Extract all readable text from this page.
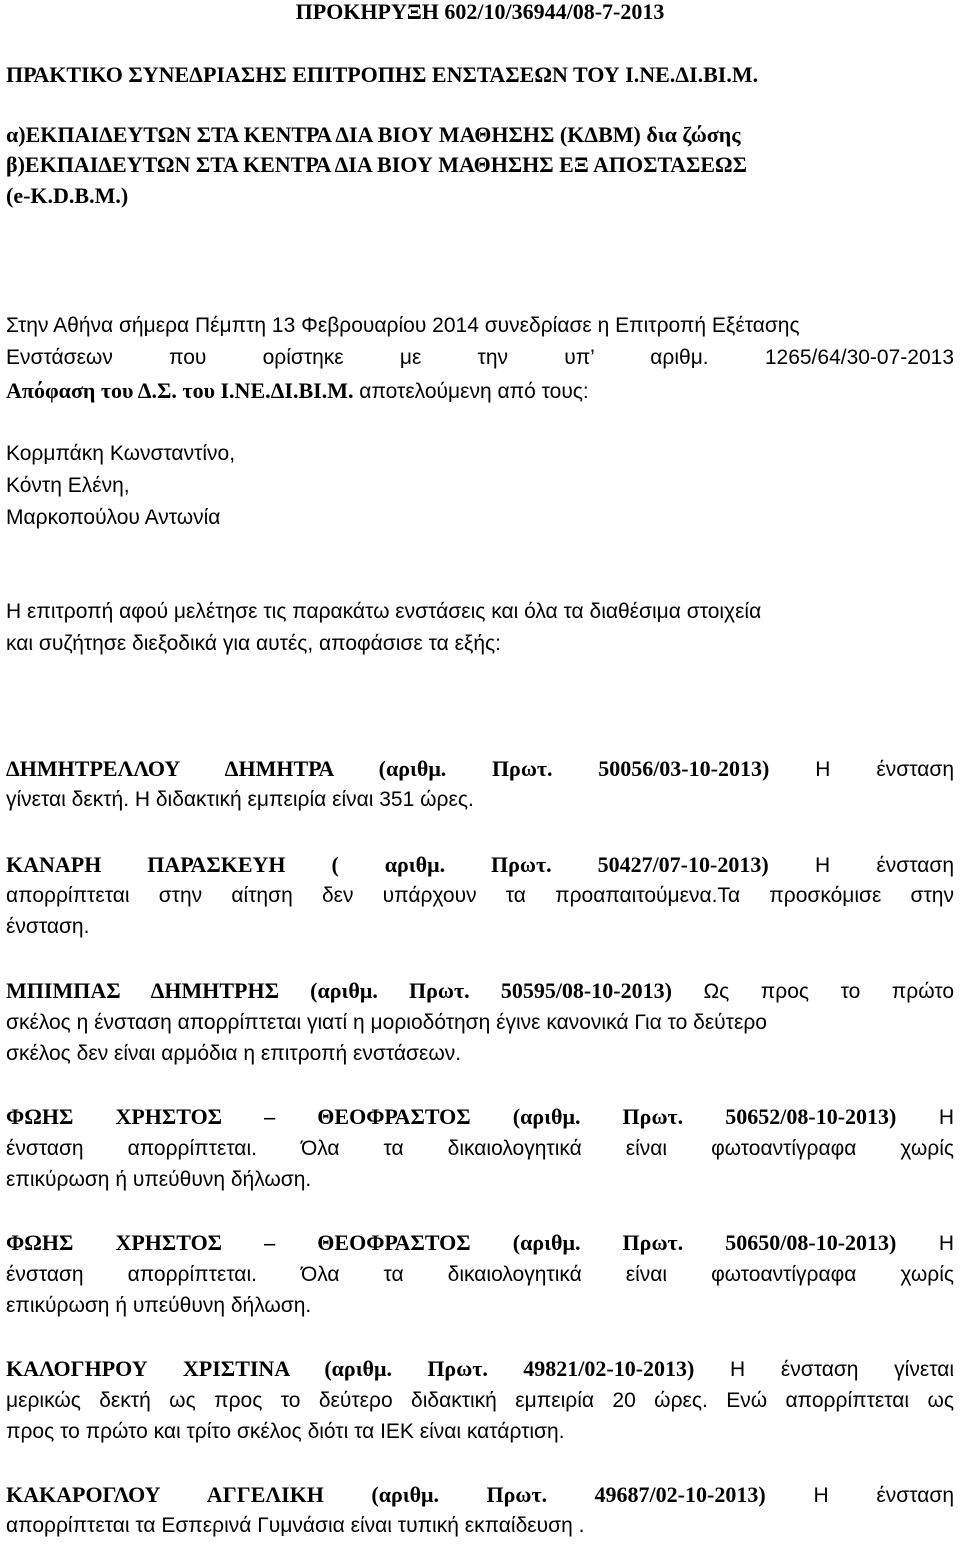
ΠΡΟΚΗΡΥΞΗ 602/10/36944/08-7-2013
ΠΡΑΚΤΙΚΟ ΣΥΝΕΔΡΙΑΣΗΣ ΕΠΙΤΡΟΠΗΣ ΕΝΣΤΑΣΕΩΝ ΤΟΥ Ι.ΝΕ.ΔΙ.ΒΙ.Μ.
α)ΕΚΠΑΙΔΕΥΤΩΝ ΣΤΑ ΚΕΝΤΡΑ ΔΙΑ ΒΙΟΥ ΜΑΘΗΣΗΣ (ΚΔΒΜ) δια ζώσης
β)ΕΚΠΑΙΔΕΥΤΩΝ ΣΤΑ ΚΕΝΤΡΑ ΔΙΑ ΒΙΟΥ ΜΑΘΗΣΗΣ ΕΞ ΑΠΟΣΤΑΣΕΩΣ
(e-K.D.B.M.)
Στην Αθήνα σήμερα Πέμπτη 13 Φεβρουαρίου 2014 συνεδρίασε η Επιτροπή Εξέτασης
Ενστάσεων που ορίστηκε με την υπ’ αριθμ. 1265/64/30-07-2013
Απόφαση του Δ.Σ. του Ι.ΝΕ.ΔΙ.ΒΙ.Μ. αποτελούμενη από τους:
Κορμπάκη Κωνσταντίνο,
Κόντη Ελένη,
Μαρκοπούλου Αντωνία
Η επιτροπή αφού μελέτησε τις παρακάτω ενστάσεις και όλα τα διαθέσιμα στοιχεία
και συζήτησε διεξοδικά για αυτές, αποφάσισε τα εξής:
ΔΗΜΗΤΡΕΛΛΟΥ ΔΗΜΗΤΡΑ (αριθμ. Πρωτ. 50056/03-10-2013) Η ένσταση
γίνεται δεκτή. Η διδακτική εμπειρία είναι 351 ώρες.
ΚΑΝΑΡΗ ΠΑΡΑΣΚΕΥΗ ( αριθμ. Πρωτ. 50427/07-10-2013) Η ένσταση
απορρίπτεται στην αίτηση δεν υπάρχουν τα προαπαιτούμενα.Τα προσκόμισε στην
ένσταση.
ΜΠΙΜΠΑΣ ΔΗΜΗΤΡΗΣ (αριθμ. Πρωτ. 50595/08-10-2013) Ως προς το πρώτο
σκέλος η ένσταση απορρίπτεται γιατί η μοριοδότηση έγινε κανονικά Για το δεύτερο
σκέλος δεν είναι αρμόδια η επιτροπή ενστάσεων.
ΦΩΗΣ ΧΡΗΣΤΟΣ – ΘΕΟΦΡΑΣΤΟΣ (αριθμ. Πρωτ. 50652/08-10-2013) Η
ένσταση απορρίπτεται. Όλα τα δικαιολογητικά είναι φωτοαντίγραφα χωρίς
επικύρωση ή υπεύθυνη δήλωση.
ΦΩΗΣ ΧΡΗΣΤΟΣ – ΘΕΟΦΡΑΣΤΟΣ (αριθμ. Πρωτ. 50650/08-10-2013) Η
ένσταση απορρίπτεται. Όλα τα δικαιολογητικά είναι φωτοαντίγραφα χωρίς
επικύρωση ή υπεύθυνη δήλωση.
ΚΑΛΟΓΗΡΟΥ ΧΡΙΣΤΙΝΑ (αριθμ. Πρωτ. 49821/02-10-2013) Η ένσταση γίνεται
μερικώς δεκτή ως προς το δεύτερο διδακτική εμπειρία 20 ώρες. Ενώ απορρίπτεται ως
προς το πρώτο και τρίτο σκέλος διότι τα ΙΕΚ είναι κατάρτιση.
ΚΑΚΑΡΟΓΛΟΥ ΑΓΓΕΛΙΚΗ (αριθμ. Πρωτ. 49687/02-10-2013) Η ένσταση
απορρίπτεται τα Εσπερινά Γυμνάσια είναι τυπική εκπαίδευση .
